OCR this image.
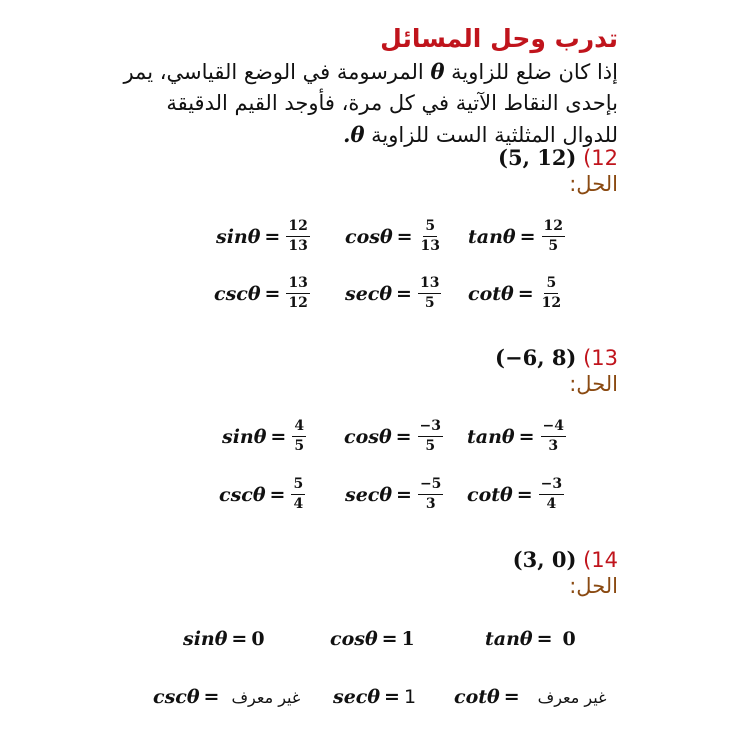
تدرب وحل المسائل
إذا كان ضلع للزاوية θ المرسومة في الوضع القياسي، يمر بإحدى النقاط الآتية في كل مرة، فأوجد القيم الدقيقة للدوال المثلثية الست للزاوية θ.
12) (5, 12)
الحل:
$\sin\theta = \frac{12}{13}$ $\cos\theta = \frac{5}{13}$ $\tan\theta = \frac{12}{5}$
$\csc\theta = \frac{13}{12}$ $\sec\theta = \frac{13}{5}$ $\cot\theta = \frac{5}{12}$
13) (−6, 8)
الحل:
$\sin\theta = \frac{4}{5}$ $\cos\theta = \frac{-3}{5}$ $\tan\theta = \frac{-4}{3}$
$\csc\theta = \frac{5}{4}$ $\sec\theta = \frac{-5}{3}$ $\cot\theta = \frac{-3}{4}$
14) (3, 0)
الحل:
sinθ = 0	cosθ = 1	tanθ = 0
cscθ = غير معرف secθ = 1 cotθ = غير معرف
